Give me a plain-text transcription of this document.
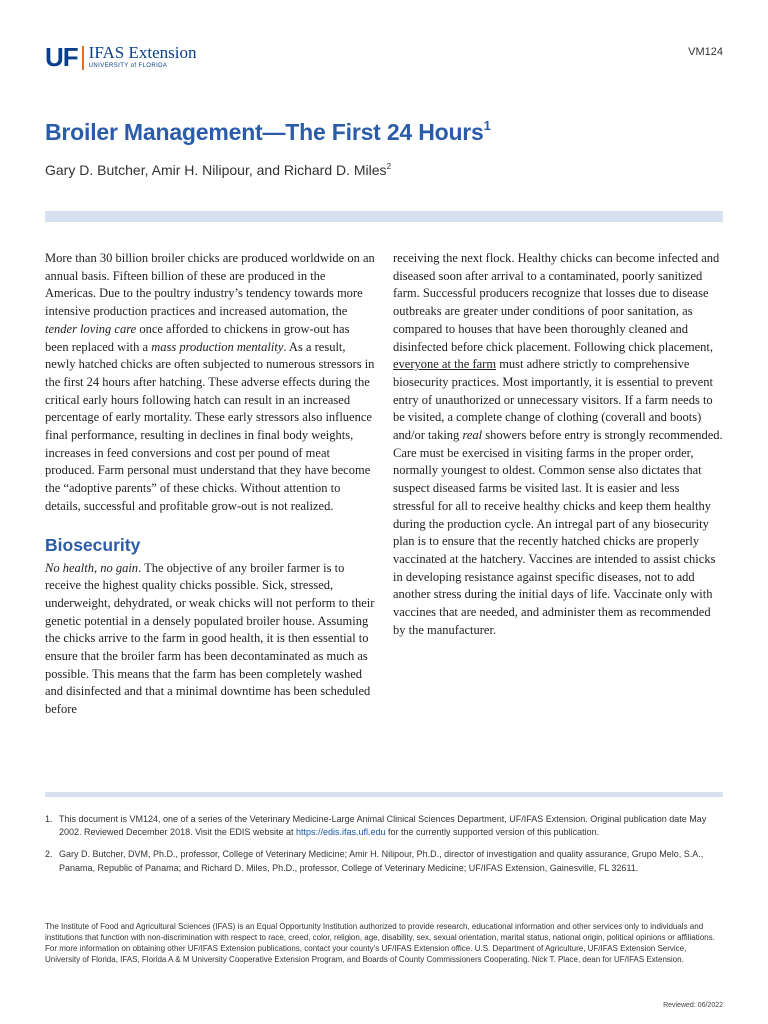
UF IFAS Extension
UNIVERSITY of FLORIDA
VM124
Broiler Management—The First 24 Hours$^1$
Gary D. Butcher, Amir H. Nilipour, and Richard D. Miles$^2$

More than 30 billion broiler chicks are produced worldwide on an annual basis. Fifteen billion of these are produced in the Americas. Due to the poultry industry’s tendency towards more intensive production practices and increased automation, the tender loving care once afforded to chickens in grow-out has been replaced with a mass production mentality. As a result, newly hatched chicks are often subjected to numerous stressors in the first 24 hours after hatching. These adverse effects during the critical early hours following hatch can result in an increased percentage of early mortality. These early stressors also influence final performance, resulting in declines in final body weights, increases in feed conversions and cost per pound of meat produced. Farm personal must understand that they have become the “adoptive parents” of these chicks. Without attention to details, successful and profitable grow-out is not realized.

Biosecurity

No health, no gain. The objective of any broiler farmer is to receive the highest quality chicks possible. Sick, stressed, underweight, dehydrated, or weak chicks will not perform to their genetic potential in a densely populated broiler house. Assuming the chicks arrive to the farm in good health, it is then essential to ensure that the broiler farm has been decontaminated as much as possible. This means that the farm has been completely washed and disinfected and that a minimal downtime has been scheduled before

receiving the next flock. Healthy chicks can become infected and diseased soon after arrival to a contaminated, poorly sanitized farm. Successful producers recognize that losses due to disease outbreaks are greater under conditions of poor sanitation, as compared to houses that have been thoroughly cleaned and disinfected before chick placement. Following chick placement, everyone at the farm must adhere strictly to comprehensive biosecurity practices. Most importantly, it is essential to prevent entry of unauthorized or unnecessary visitors. If a farm needs to be visited, a complete change of clothing (coverall and boots) and/or taking real showers before entry is strongly recommended. Care must be exercised in visiting farms in the proper order, normally youngest to oldest. Common sense also dictates that suspect diseased farms be visited last. It is easier and less stressful for all to receive healthy chicks and keep them healthy during the production cycle. An intregal part of any biosecurity plan is to ensure that the recently hatched chicks are properly vaccinated at the hatchery. Vaccines are intended to assist chicks in developing resistance against specific diseases, not to add another stress during the initial days of life. Vaccinate only with vaccines that are needed, and administer them as recommended by the manufacturer.

1. This document is VM124, one of a series of the Veterinary Medicine-Large Animal Clinical Sciences Department, UF/IFAS Extension. Original publication date May 2002. Reviewed December 2018. Visit the EDIS website at https://edis.ifas.ufl.edu for the currently supported version of this publication.
2. Gary D. Butcher, DVM, Ph.D., professor, College of Veterinary Medicine; Amir H. Nilipour, Ph.D., director of investigation and quality assurance, Grupo Melo, S.A., Panama, Republic of Panama; and Richard D. Miles, Ph.D., professor, College of Veterinary Medicine; UF/IFAS Extension, Gainesville, FL 32611.
The Institute of Food and Agricultural Sciences (IFAS) is an Equal Opportunity Institution authorized to provide research, educational information and other services only to individuals and institutions that function with non-discrimination with respect to race, creed, color, religion, age, disability, sex, sexual orientation, marital status, national origin, political opinions or affiliations. For more information on obtaining other UF/IFAS Extension publications, contact your county’s UF/IFAS Extension office. U.S. Department of Agriculture, UF/IFAS Extension Service, University of Florida, IFAS, Florida A & M University Cooperative Extension Program, and Boards of County Commissioners Cooperating. Nick T. Place, dean for UF/IFAS Extension.
Reviewed: 06/2022
